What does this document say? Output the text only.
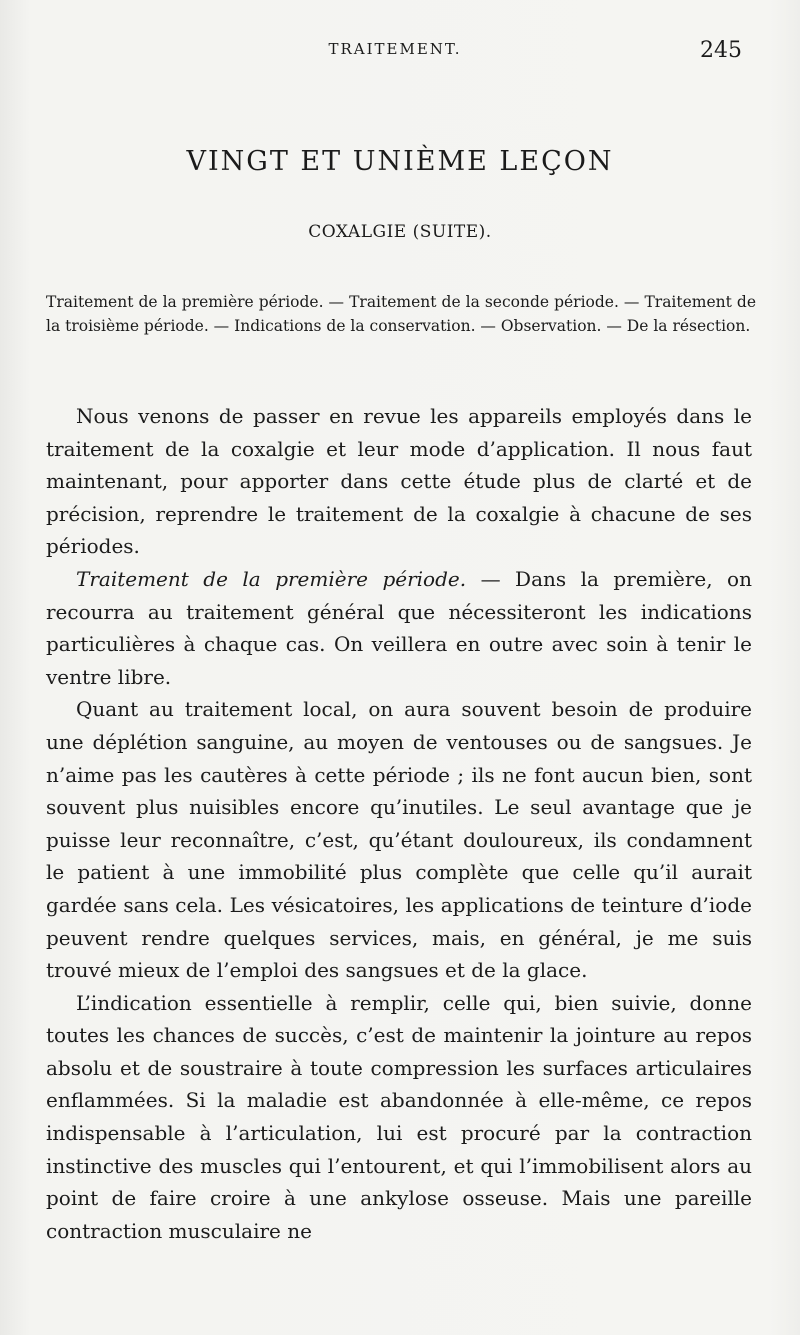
TRAITEMENT.	245
VINGT ET UNIÈME LEÇON
COXALGIE (SUITE).
Traitement de la première période. — Traitement de la seconde période. — Traitement de la troisième période. — Indications de la conservation. — Observation. — De la résection.

Nous venons de passer en revue les appareils employés dans le traitement de la coxalgie et leur mode d’application. Il nous faut maintenant, pour apporter dans cette étude plus de clarté et de précision, reprendre le traitement de la coxalgie à chacune de ses périodes.

Traitement de la première période. — Dans la première, on recourra au traitement général que nécessiteront les indications particulières à chaque cas. On veillera en outre avec soin à tenir le ventre libre.

Quant au traitement local, on aura souvent besoin de produire une déplétion sanguine, au moyen de ventouses ou de sangsues. Je n’aime pas les cautères à cette période ; ils ne font aucun bien, sont souvent plus nuisibles encore qu’inutiles. Le seul avantage que je puisse leur reconnaître, c’est, qu’étant douloureux, ils condamnent le patient à une immobilité plus complète que celle qu’il aurait gardée sans cela. Les vésicatoires, les applications de teinture d’iode peuvent rendre quelques services, mais, en général, je me suis trouvé mieux de l’emploi des sangsues et de la glace.

L’indication essentielle à remplir, celle qui, bien suivie, donne toutes les chances de succès, c’est de maintenir la jointure au repos absolu et de soustraire à toute compression les surfaces articulaires enflammées. Si la maladie est abandonnée à elle-même, ce repos indispensable à l’articulation, lui est procuré par la contraction instinctive des muscles qui l’entourent, et qui l’immobilisent alors au point de faire croire à une ankylose osseuse. Mais une pareille contraction musculaire ne
